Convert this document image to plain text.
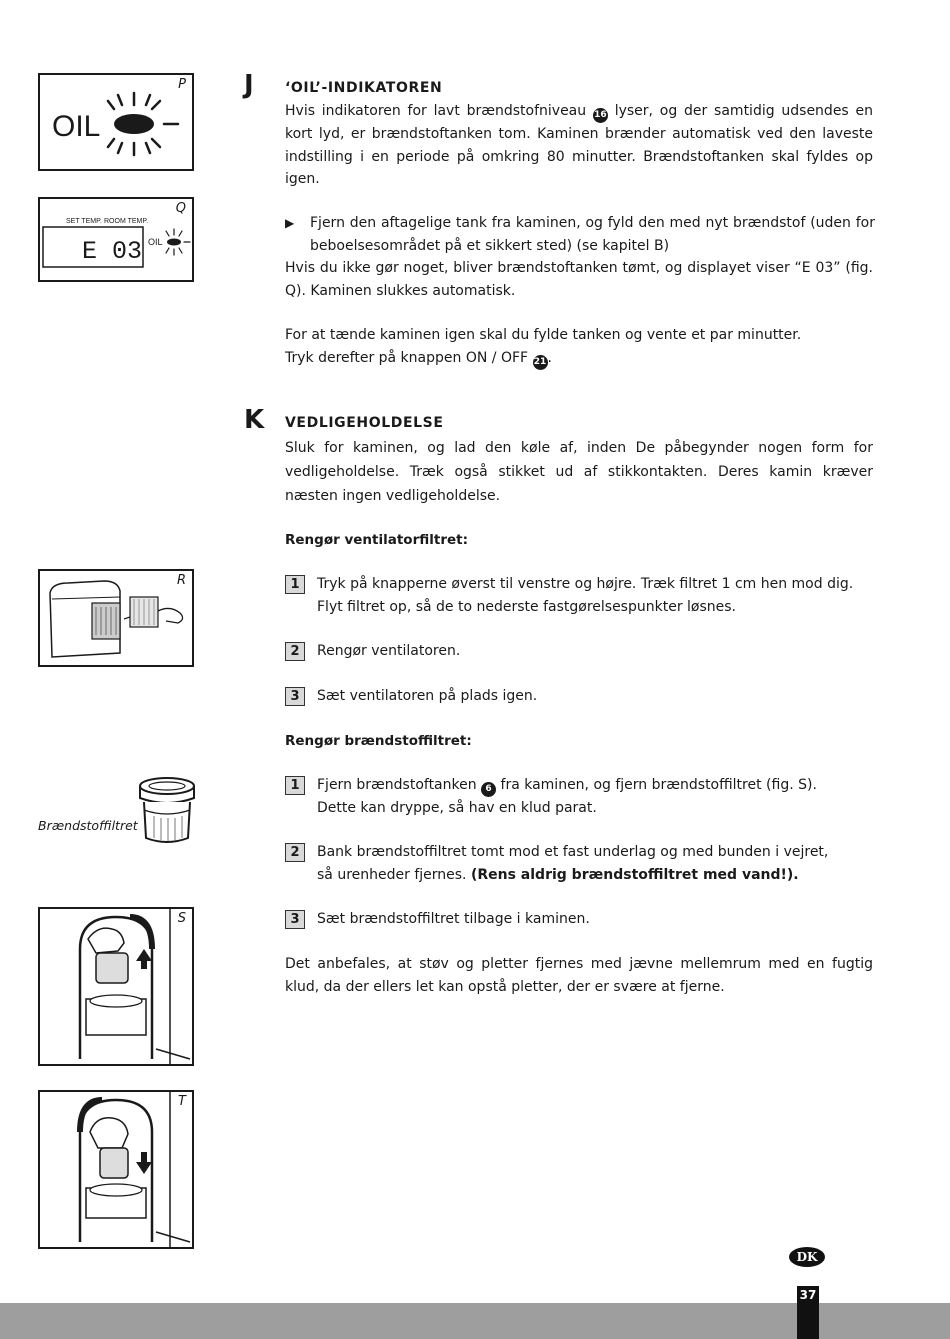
P
OIL
Q
SET TEMP. ROOM TEMP.
E 03 OIL
J ‘OIL’-INDIKATOREN
Hvis indikatoren for lavt brændstofniveau 16 lyser, og der samtidig udsendes en kort lyd, er brændstoftanken tom. Kaminen brænder automatisk ved den laveste indstilling i en periode på omkring 80 minutter. Brændstoftanken skal fyldes op igen.
▶ Fjern den aftagelige tank fra kaminen, og fyld den med nyt brændstof (uden for beboelsesområdet på et sikkert sted) (se kapitel B)
Hvis du ikke gør noget, bliver brændstoftanken tømt, og displayet viser “E 03” (fig. Q). Kaminen slukkes automatisk.
For at tænde kaminen igen skal du fylde tanken og vente et par minutter.
Tryk derefter på knappen ON / OFF 21.
K VEDLIGEHOLDELSE
Sluk for kaminen, og lad den køle af, inden De påbegynder nogen form for vedligeholdelse. Træk også stikket ud af stikkontakten. Deres kamin kræver næsten ingen vedligeholdelse.
Rengør ventilatorfiltret:
1	Tryk på knapperne øverst til venstre og højre. Træk filtret 1 cm hen mod dig.
Flyt filtret op, så de to nederste fastgørelsespunkter løsnes.
2	Rengør ventilatoren.
3	Sæt ventilatoren på plads igen.
Rengør brændstoffiltret:
1	Fjern brændstoftanken 6 fra kaminen, og fjern brændstoffiltret (fig. S).
Dette kan dryppe, så hav en klud parat.
2	Bank brændstoffiltret tomt mod et fast underlag og med bunden i vejret,
så urenheder fjernes. (Rens aldrig brændstoffiltret med vand!).
3	Sæt brændstoffiltret tilbage i kaminen.
Det anbefales, at støv og pletter fjernes med jævne mellemrum med en fugtig klud, da der ellers let kan opstå pletter, der er svære at fjerne.
R
Brændstoffiltret
S
T
DK
37
